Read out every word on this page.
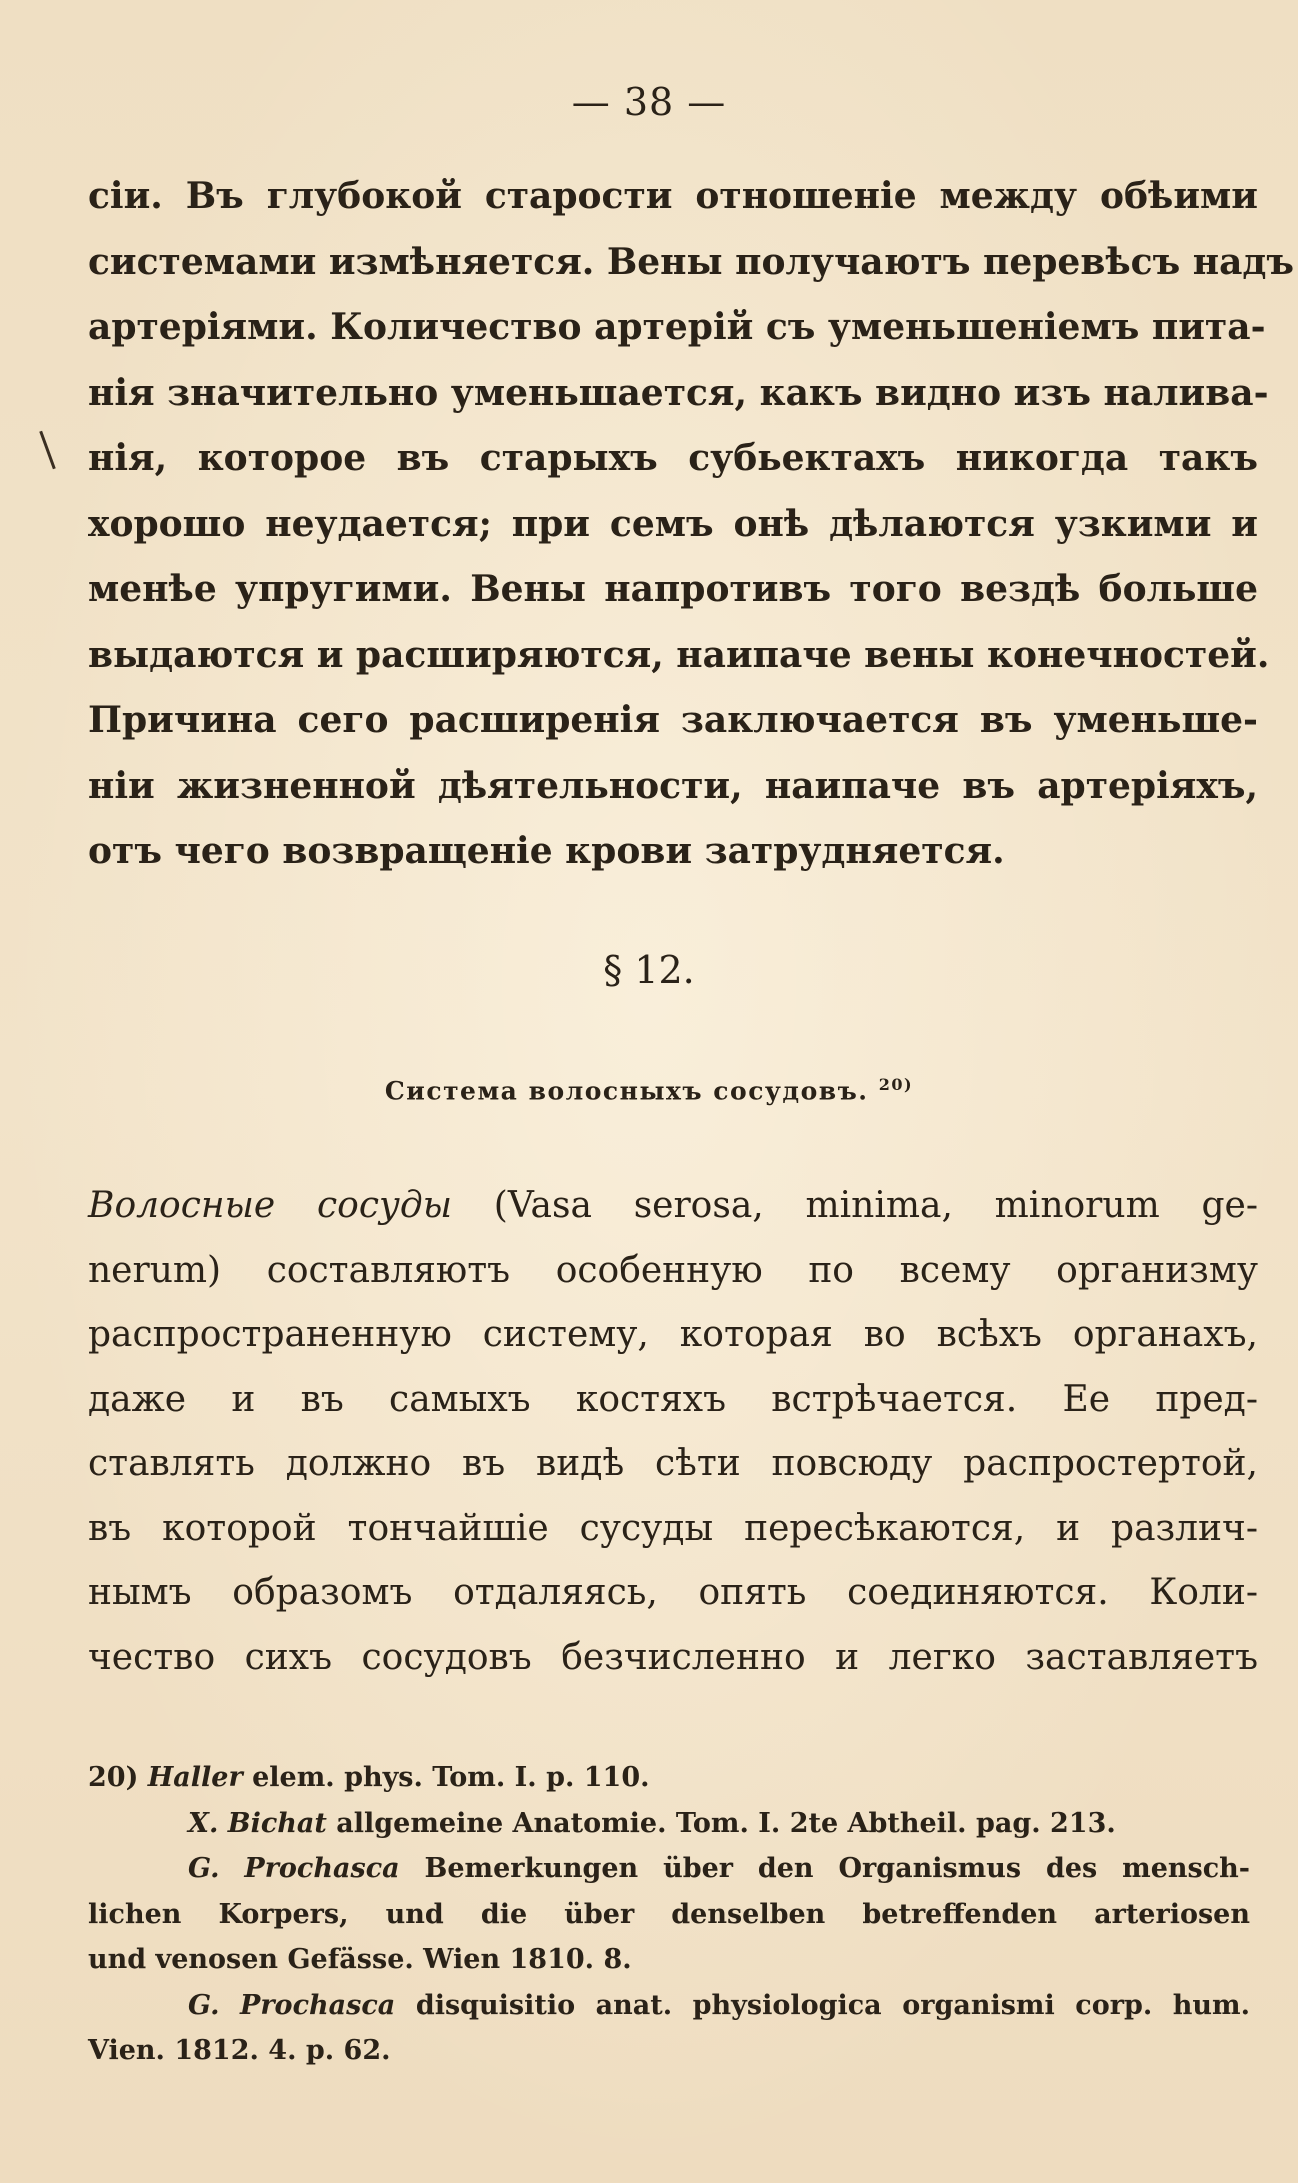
— 38 —
сіи. Въ глубокой старости отношеніе между обѣими
системами измѣняется. Вены получаютъ перевѣсъ надъ
артеріями. Количество артерій съ уменьшеніемъ пита-
нія значительно уменьшается, какъ видно изъ налива-
нія, которое въ старыхъ субьектахъ никогда такъ
хорошо неудается; при семъ онѣ дѣлаются узкими и
менѣе упругими. Вены напротивъ того вездѣ больше
выдаются и расширяются, наипаче вены конечностей.
Причина сего расширенія заключается въ уменьше-
ніи жизненной дѣятельности, наипаче въ артеріяхъ,
отъ чего возвращеніе крови затрудняется.
§ 12.
Система волосныхъ сосудовъ. $^{20)}$
Волосные сосуды (Vasa serosa, minima, minorum ge-
nerum) составляютъ особенную по всему организму
распространенную систему, которая во всѣхъ органахъ,
даже и въ самыхъ костяхъ встрѣчается. Ее пред-
ставлять должно въ видѣ сѣти повсюду распростертой,
въ которой тончайшіе сусуды пересѣкаются, и различ-
нымъ образомъ отдаляясь, опять соединяются. Коли-
чество сихъ сосудовъ безчисленно и легко заставляетъ
20) Haller elem. phys. Tom. I. p. 110.
X. Bichat allgemeine Anatomie. Tom. I. 2te Abtheil. pag. 213.
G. Prochasca Bemerkungen über den Organismus des mensch-
lichen Korpers, und die über denselben betreffenden arteriosen
und venosen Gefässe. Wien 1810. 8.
G. Prochasca disquisitio anat. physiologica organismi corp. hum.
Vien. 1812. 4. p. 62.
